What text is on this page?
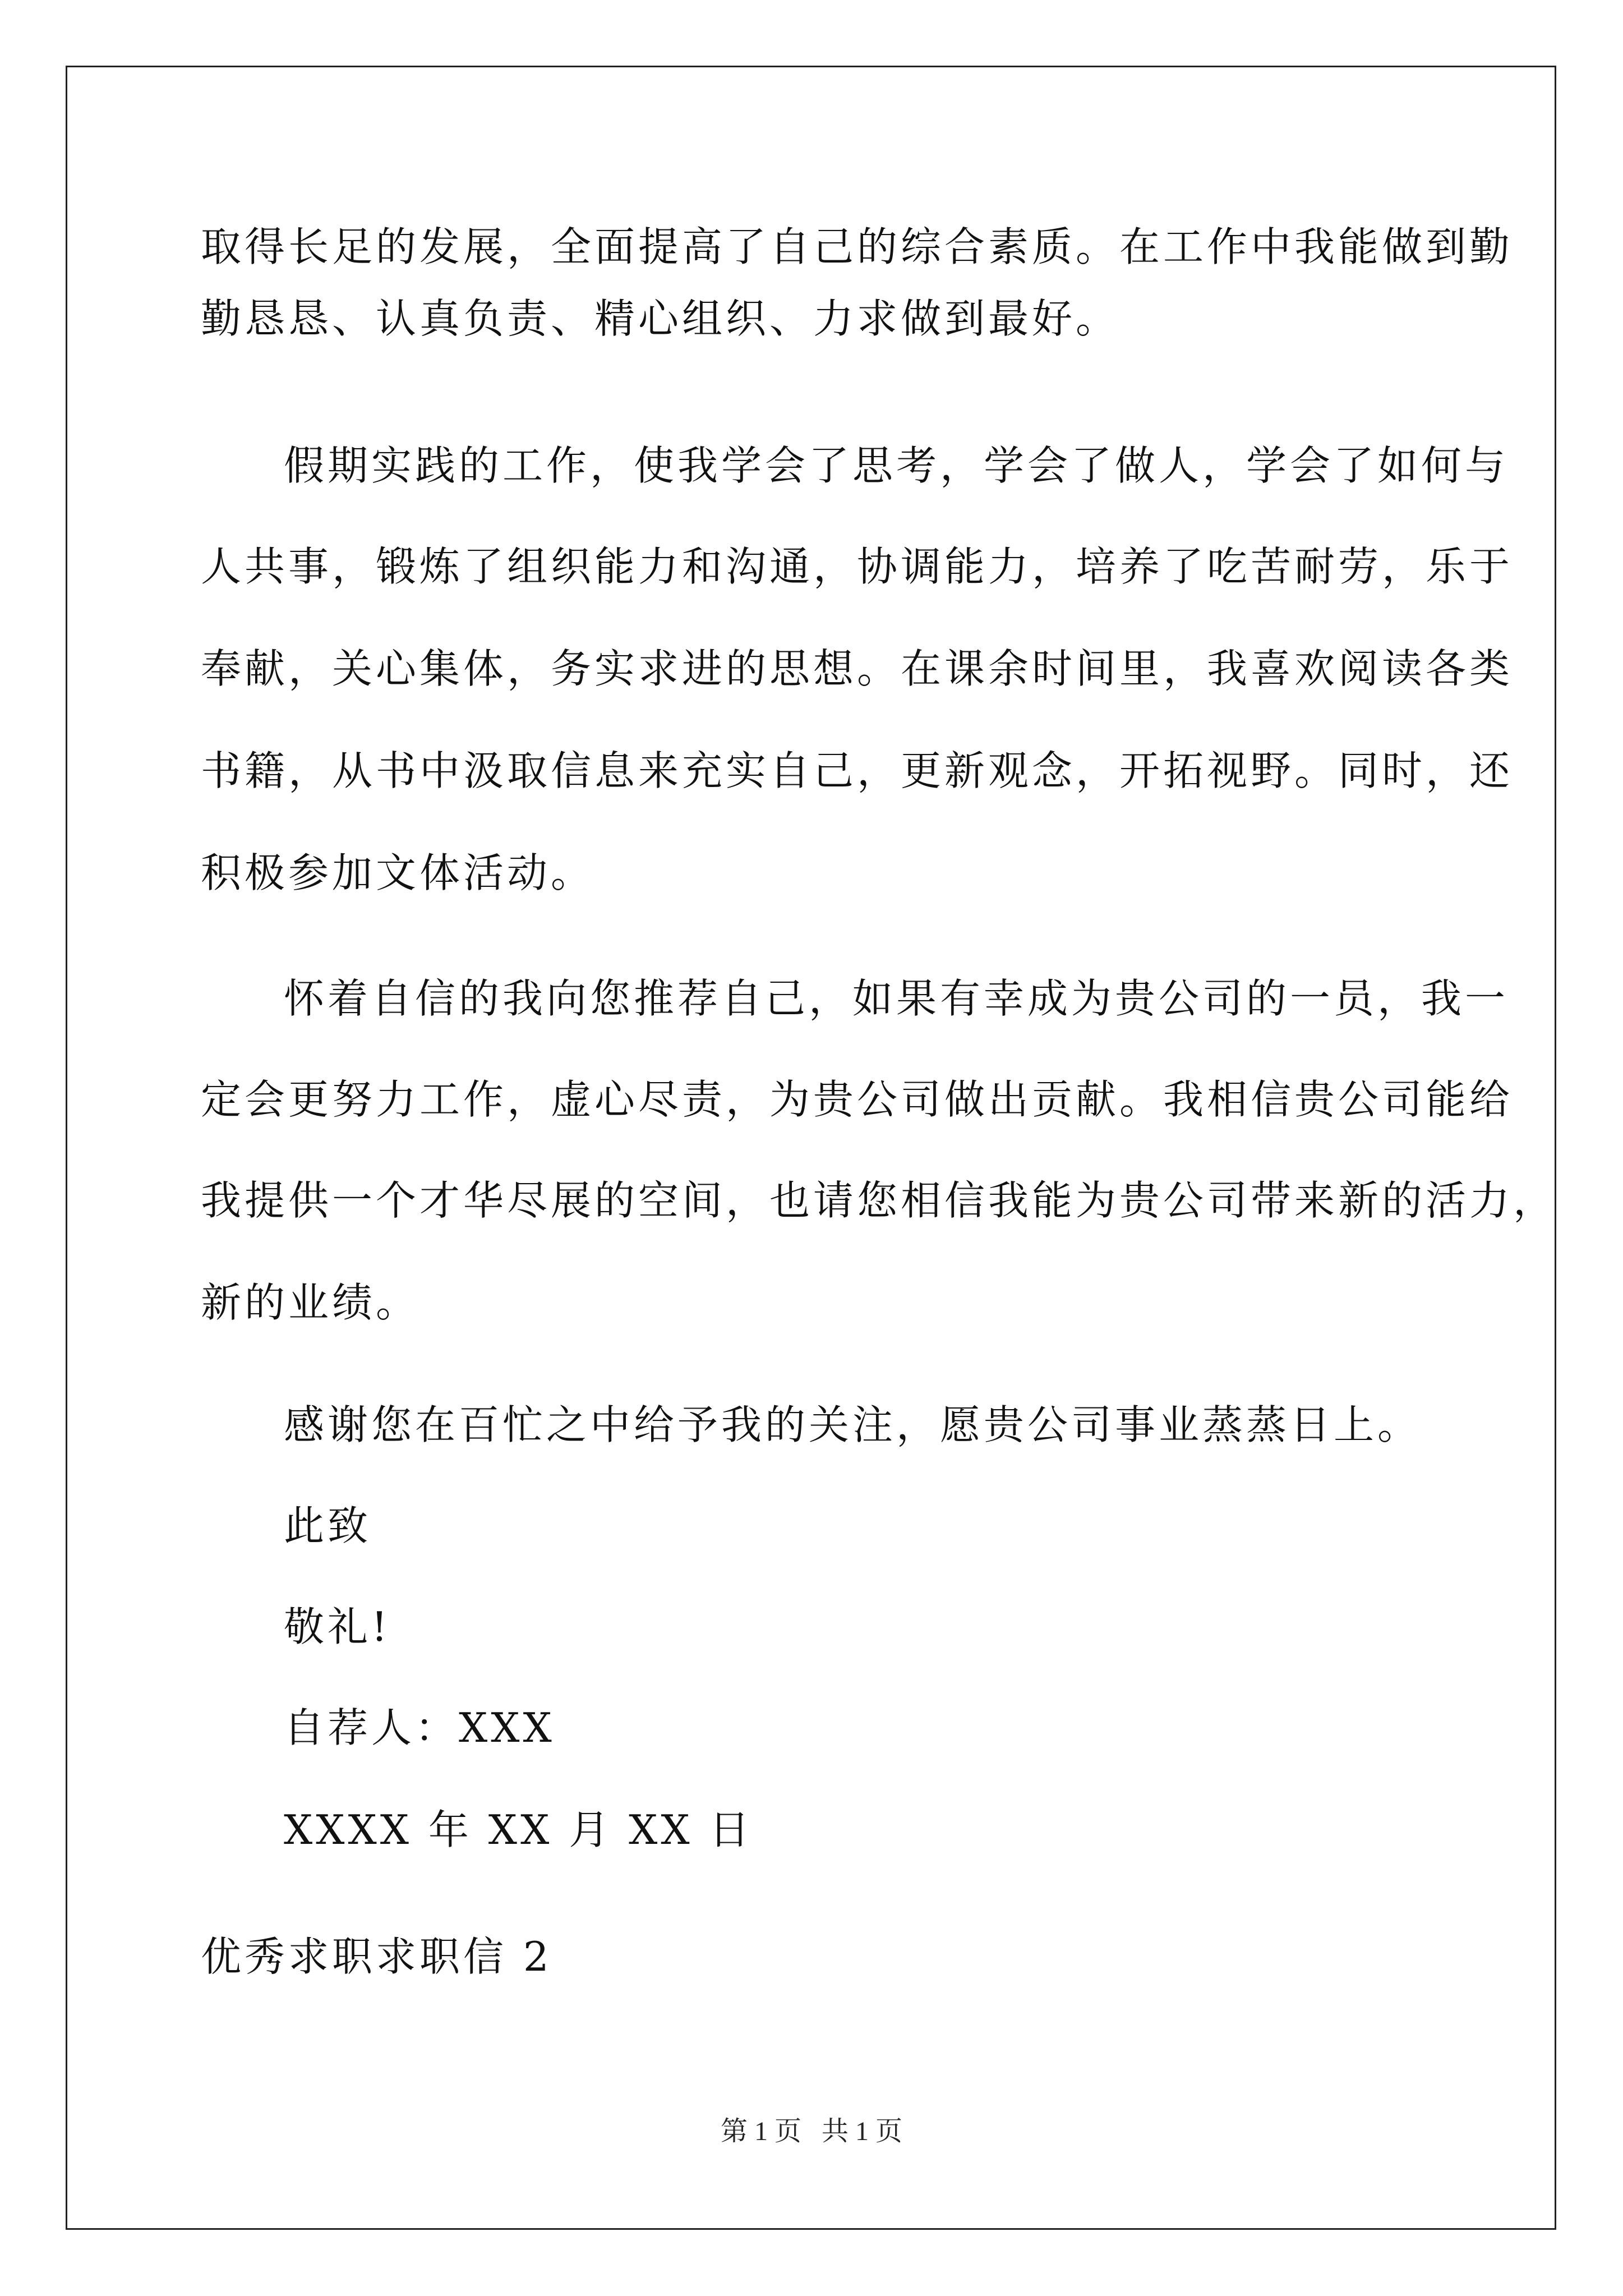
取得长足的发展，全面提高了自己的综合素质。在工作中我能做到勤
勤恳恳、认真负责、精心组织、力求做到最好。
假期实践的工作，使我学会了思考，学会了做人，学会了如何与
人共事，锻炼了组织能力和沟通，协调能力，培养了吃苦耐劳，乐于
奉献，关心集体，务实求进的思想。在课余时间里，我喜欢阅读各类
书籍，从书中汲取信息来充实自己，更新观念，开拓视野。同时，还
积极参加文体活动。
怀着自信的我向您推荐自己，如果有幸成为贵公司的一员，我一
定会更努力工作，虚心尽责，为贵公司做出贡献。我相信贵公司能给
我提供一个才华尽展的空间，也请您相信我能为贵公司带来新的活力，
新的业绩。
感谢您在百忙之中给予我的关注，愿贵公司事业蒸蒸日上。
此致
敬礼!
自荐人：XXX
XXXX 年 XX 月 XX 日
优秀求职求职信 2
第 1 页 共 1 页
